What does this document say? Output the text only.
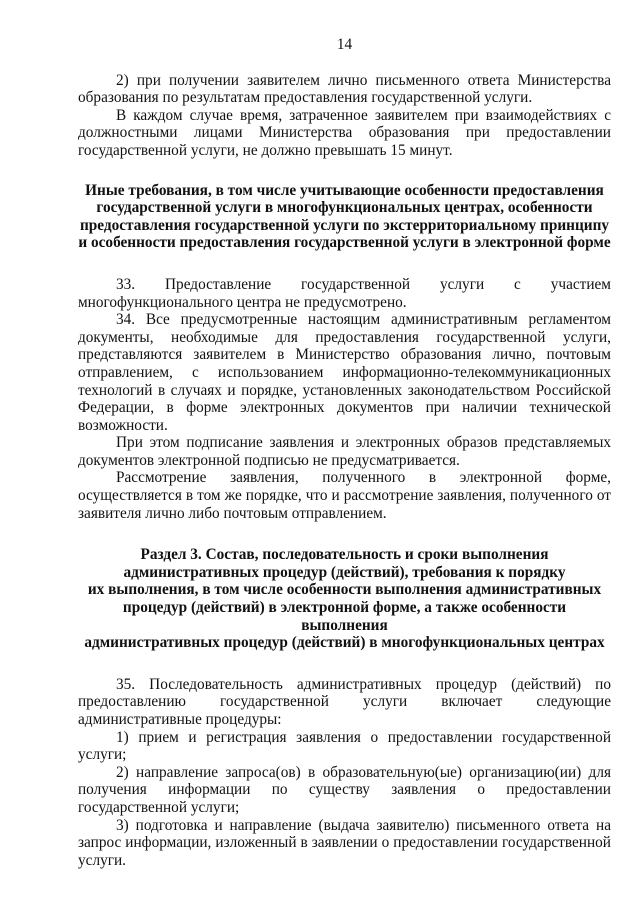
14

2) при получении заявителем лично письменного ответа Министерства образования по результатам предоставления государственной услуги.

В каждом случае время, затраченное заявителем при взаимодействиях с должностными лицами Министерства образования при предоставлении государственной услуги, не должно превышать 15 минут.

Иные требования, в том числе учитывающие особенности предоставления государственной услуги в многофункциональных центрах, особенности предоставления государственной услуги по экстерриториальному принципу и особенности предоставления государственной услуги в электронной форме

33. Предоставление государственной услуги с участием многофункционального центра не предусмотрено.

34. Все предусмотренные настоящим административным регламентом документы, необходимые для предоставления государственной услуги, представляются заявителем в Министерство образования лично, почтовым отправлением, с использованием информационно-телекоммуникационных технологий в случаях и порядке, установленных законодательством Российской Федерации, в форме электронных документов при наличии технической возможности.

При этом подписание заявления и электронных образов представляемых документов электронной подписью не предусматривается.

Рассмотрение заявления, полученного в электронной форме, осуществляется в том же порядке, что и рассмотрение заявления, полученного от заявителя лично либо почтовым отправлением.

Раздел 3. Состав, последовательность и сроки выполнения
административных процедур (действий), требования к порядку
их выполнения, в том числе особенности выполнения административных
процедур (действий) в электронной форме, а также особенности выполнения
административных процедур (действий) в многофункциональных центрах

35. Последовательность административных процедур (действий) по предоставлению государственной услуги включает следующие административные процедуры:

1) прием и регистрация заявления о предоставлении государственной услуги;

2) направление запроса(ов) в образовательную(ые) организацию(ии) для получения информации по существу заявления о предоставлении государственной услуги;

3) подготовка и направление (выдача заявителю) письменного ответа на запрос информации, изложенный в заявлении о предоставлении государственной услуги.
